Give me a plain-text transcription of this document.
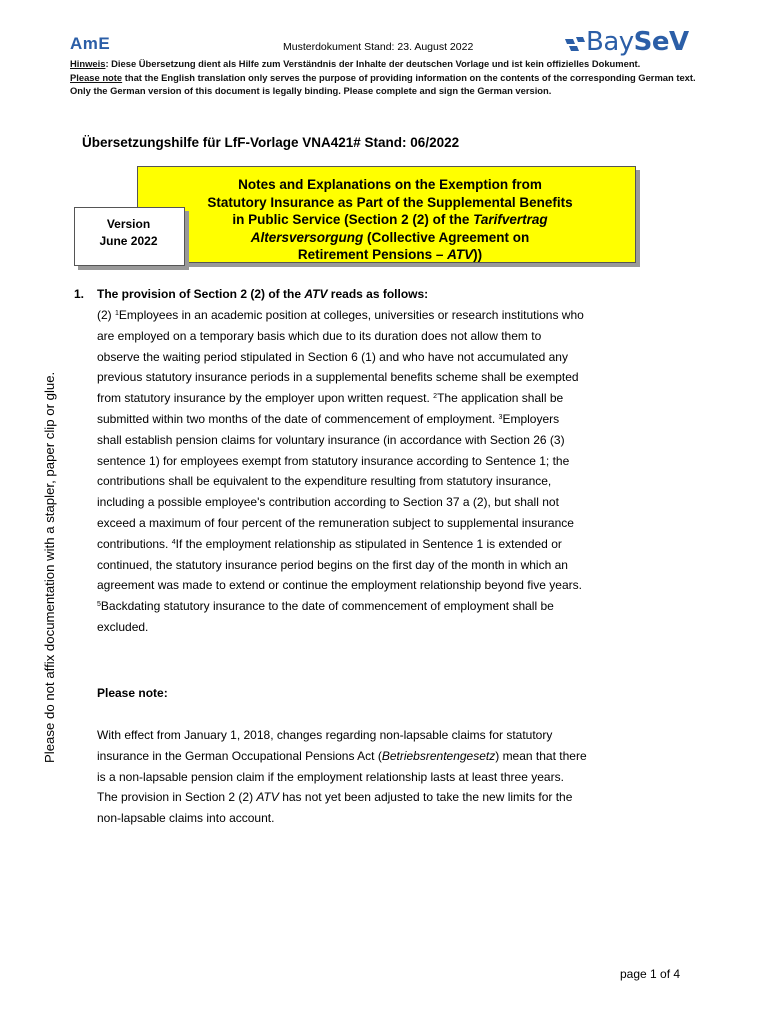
AmE	Musterdokument Stand: 23. August 2022	BaySeV
Hinweis: Diese Übersetzung dient als Hilfe zum Verständnis der Inhalte der deutschen Vorlage und ist kein offizielles Dokument.
Please note that the English translation only serves the purpose of providing information on the contents of the corresponding German text. Only the German version of this document is legally binding. Please complete and sign the German version.
Übersetzungshilfe für LfF-Vorlage VNA421# Stand: 06/2022
Notes and Explanations on the Exemption from
Statutory Insurance as Part of the Supplemental Benefits
in Public Service (Section 2 (2) of the Tarifvertrag
Altersversorgung (Collective Agreement on
Retirement Pensions – ATV))
Version
June 2022
Please do not affix documentation with a stapler, paper clip or glue.
1. The provision of Section 2 (2) of the ATV reads as follows:
(2) $^1$Employees in an academic position at colleges, universities or research institutions who are employed on a temporary basis which due to its duration does not allow them to observe the waiting period stipulated in Section 6 (1) and who have not accumulated any previous statutory insurance periods in a supplemental benefits scheme shall be exempted from statutory insurance by the employer upon written request. $^2$The application shall be submitted within two months of the date of commencement of employment. $^3$Employers shall establish pension claims for voluntary insurance (in accordance with Section 26 (3) sentence 1) for employees exempt from statutory insurance according to Sentence 1; the contributions shall be equivalent to the expenditure resulting from statutory insurance, including a possible employee's contribution according to Section 37 a (2), but shall not exceed a maximum of four percent of the remuneration subject to supplemental insurance contributions. $^4$If the employment relationship as stipulated in Sentence 1 is extended or continued, the statutory insurance period begins on the first day of the month in which an agreement was made to extend or continue the employment relationship beyond five years. $^5$Backdating statutory insurance to the date of commencement of employment shall be excluded.
Please note:
With effect from January 1, 2018, changes regarding non-lapsable claims for statutory insurance in the German Occupational Pensions Act (Betriebsrentengesetz) mean that there is a non-lapsable pension claim if the employment relationship lasts at least three years. The provision in Section 2 (2) ATV has not yet been adjusted to take the new limits for the non-lapsable claims into account.
page 1 of 4
